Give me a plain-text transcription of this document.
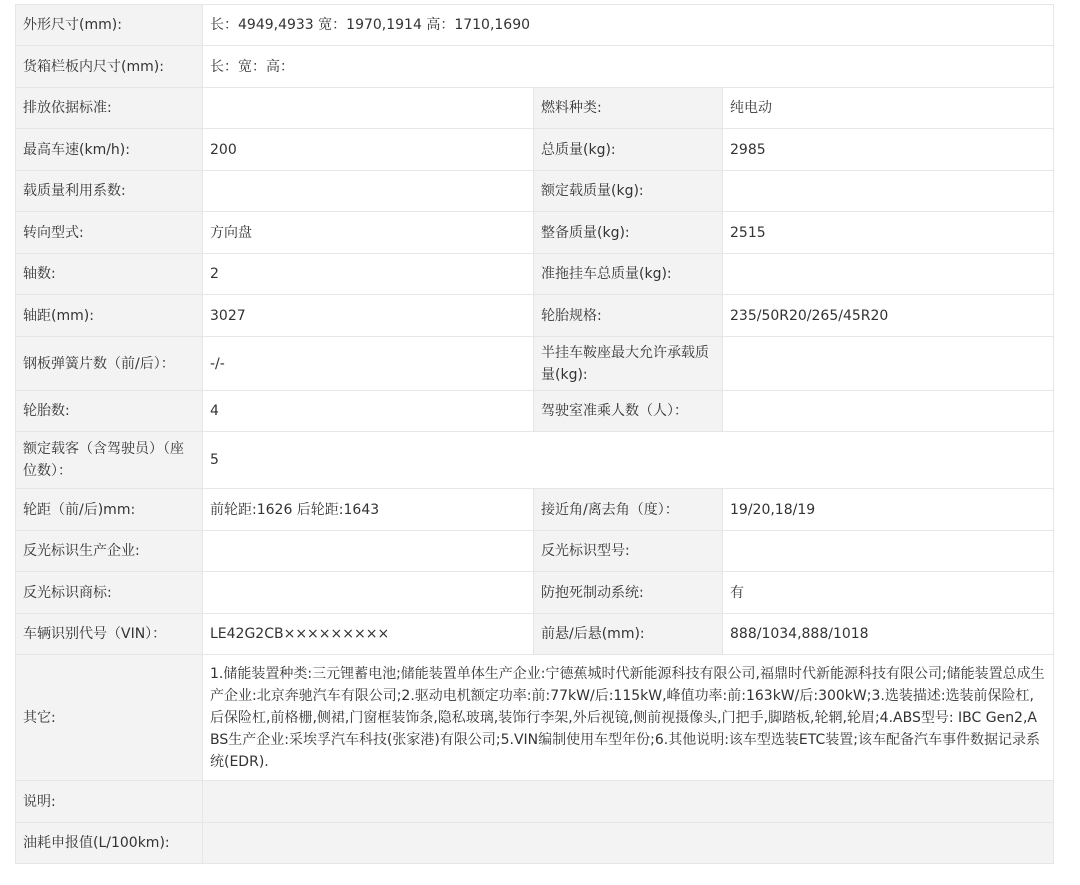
外形尺寸(mm):	长：4949,4933 宽：1970,1914 高：1710,1690		
货箱栏板内尺寸(mm):	长：宽：高：		
排放依据标准:		燃料种类:	纯电动
最高车速(km/h):	200	总质量(kg):	2985
载质量利用系数:		额定载质量(kg):	
转向型式:	方向盘	整备质量(kg):	2515
轴数:	2	准拖挂车总质量(kg):	
轴距(mm):	3027	轮胎规格:	235/50R20/265/45R20
钢板弹簧片数（前/后）：	-/-	半挂车鞍座最大允许承载质量(kg):	
轮胎数:	4	驾驶室准乘人数（人）：	
额定载客（含驾驶员）（座位数）：	5		
轮距（前/后)mm:	前轮距:1626 后轮距:1643	接近角/离去角（度）：	19/20,18/19
反光标识生产企业:		反光标识型号:	
反光标识商标:		防抱死制动系统:	有
车辆识别代号（VIN）：	LE42G2CB×××××××××	前悬/后悬(mm):	888/1034,888/1018
其它:	1.储能装置种类:三元锂蓄电池;储能装置单体生产企业:宁德蕉城时代新能源科技有限公司,福鼎时代新能源科技有限公司;储能装置总成生产企业:北京奔驰汽车有限公司;2.驱动电机额定功率:前:77kW/后:115kW,峰值功率:前:163kW/后:300kW;3.选装描述:选装前保险杠,后保险杠,前格栅,侧裙,门窗框装饰条,隐私玻璃,装饰行李架,外后视镜,侧前视摄像头,门把手,脚踏板,轮辋,轮眉;4.ABS型号: IBC Gen2,ABS生产企业:采埃孚汽车科技(张家港)有限公司;5.VIN编制使用车型年份;6.其他说明:该车型选装ETC装置;该车配备汽车事件数据记录系统(EDR).		
说明:			
油耗申报值(L/100km):			
